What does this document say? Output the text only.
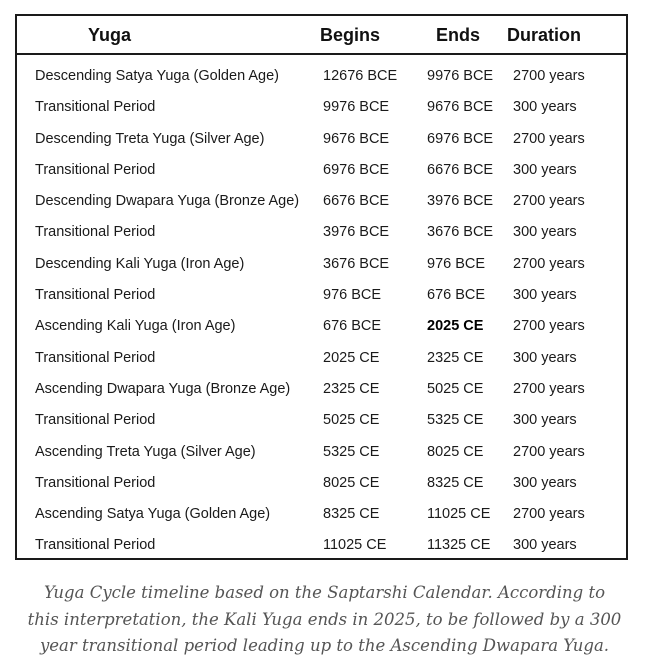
Yuga	Begins	Ends Duration
Descending Satya Yuga (Golden Age)	12676 BCE 9976 BCE 2700 years
Transitional Period	9976 BCE	9676 BCE 300 years
Descending Treta Yuga (Silver Age)	9676 BCE	6976 BCE 2700 years
Transitional Period	6976 BCE	6676 BCE 300 years
Descending Dwapara Yuga (Bronze Age) 6676 BCE	3976 BCE 2700 years
Transitional Period	3976 BCE	3676 BCE 300 years
Descending Kali Yuga (Iron Age)	3676 BCE	976 BCE 2700 years
Transitional Period	976 BCE	676 BCE 300 years
Ascending Kali Yuga (Iron Age)	676 BCE	2025 CE 2700 years
Transitional Period	2025 CE	2325 CE 300 years
Ascending Dwapara Yuga (Bronze Age) 2325 CE	5025 CE 2700 years
Transitional Period	5025 CE	5325 CE 300 years
Ascending Treta Yuga (Silver Age)	5325 CE	8025 CE 2700 years
Transitional Period	8025 CE	8325 CE 300 years
Ascending Satya Yuga (Golden Age)	8325 CE	11025 CE 2700 years
Transitional Period	11025 CE	11325 CE 300 years
Yuga Cycle timeline based on the Saptarshi Calendar. According to
this interpretation, the Kali Yuga ends in 2025, to be followed by a 300
year transitional period leading up to the Ascending Dwapara Yuga.
